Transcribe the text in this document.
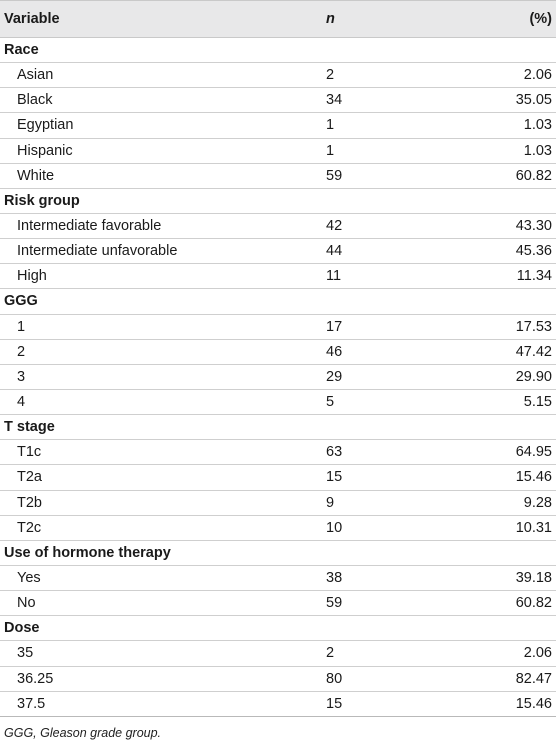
Variable	n	(%)
Race		
Asian	2	2.06
Black	34	35.05
Egyptian	1	1.03
Hispanic	1	1.03
White	59	60.82
Risk group		
Intermediate favorable	42	43.30
Intermediate unfavorable	44	45.36
High	11	11.34
GGG		
1	17	17.53
2	46	47.42
3	29	29.90
4	5	5.15
T stage		
T1c	63	64.95
T2a	15	15.46
T2b	9	9.28
T2c	10	10.31
Use of hormone therapy		
Yes	38	39.18
No	59	60.82
Dose		
35	2	2.06
36.25	80	82.47
37.5	15	15.46
GGG, Gleason grade group.
